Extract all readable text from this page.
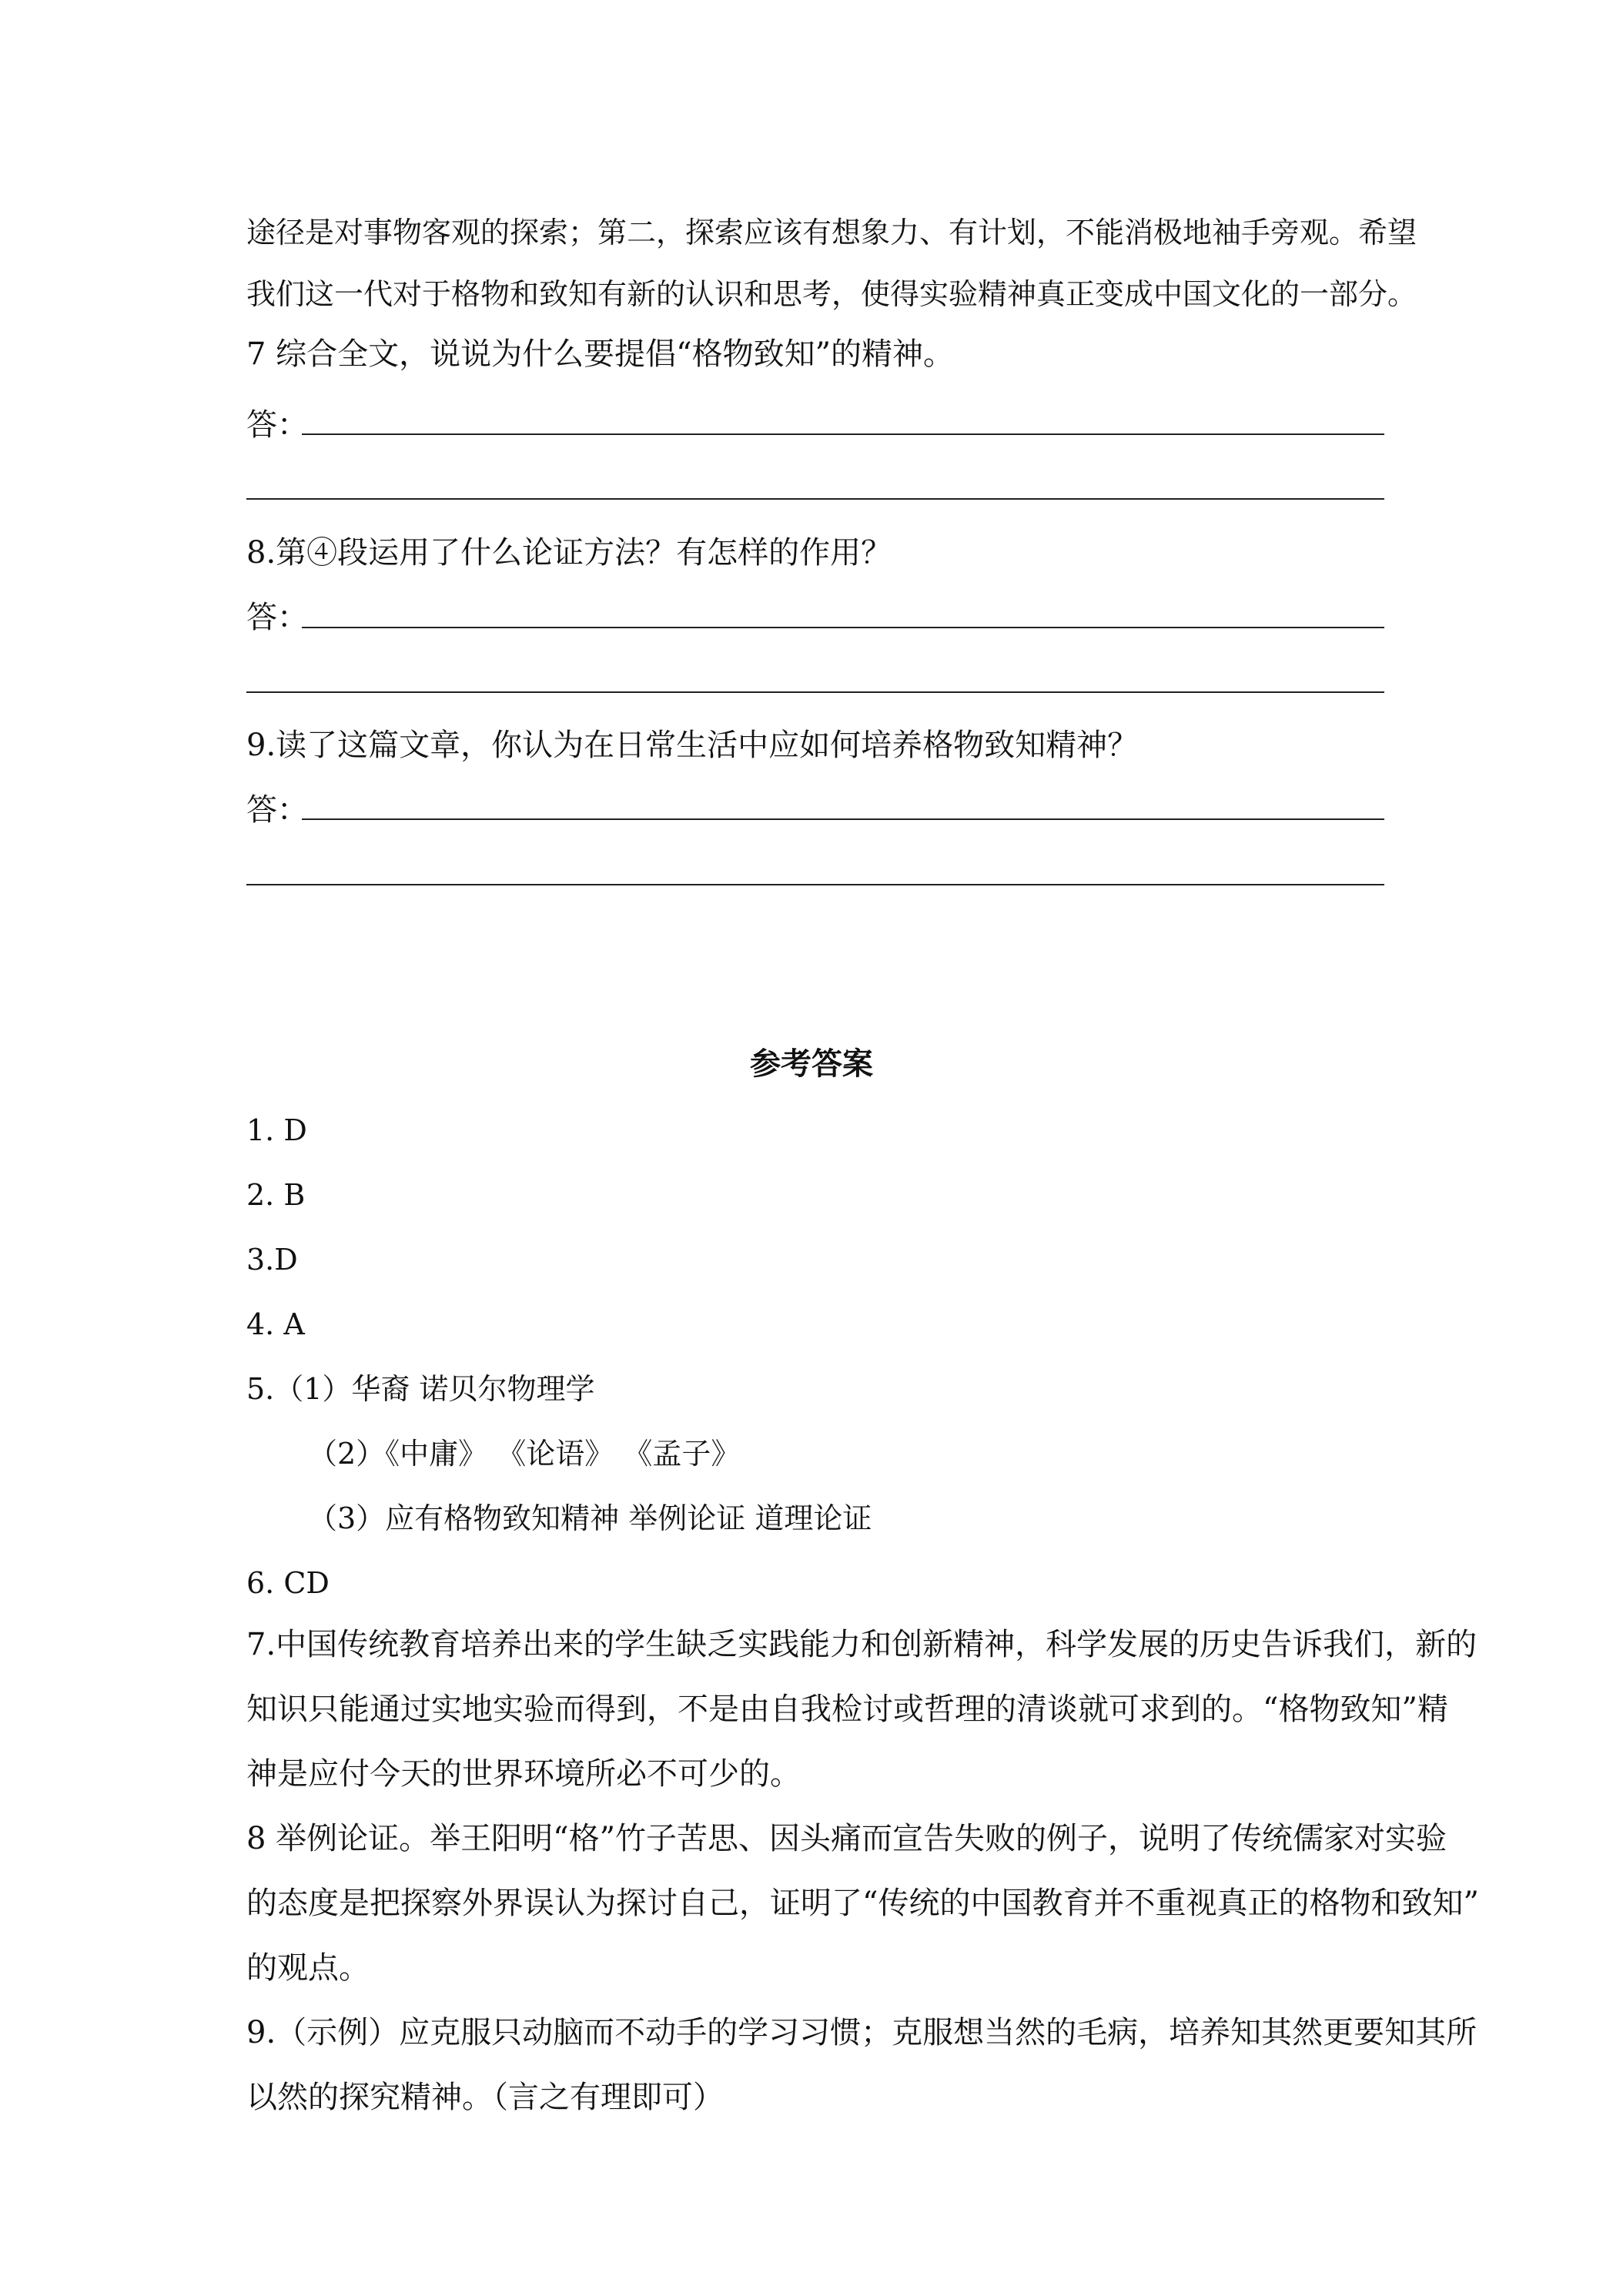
途径是对事物客观的探索；第二，探索应该有想象力、有计划，不能消极地袖手旁观。希望
我们这一代对于格物和致知有新的认识和思考，使得实验精神真正变成中国文化的一部分。
7 综合全文，说说为什么要提倡“格物致知”的精神。
答：
8.第④段运用了什么论证方法？有怎样的作用？
答：
9.读了这篇文章，你认为在日常生活中应如何培养格物致知精神？
答：
参考答案
1. D
2. B
3.D
4. A
5.（1）华裔 诺贝尔物理学
（2）《中庸》 《论语》 《孟子》
（3）应有格物致知精神 举例论证 道理论证
6. CD
7.中国传统教育培养出来的学生缺乏实践能力和创新精神，科学发展的历史告诉我们，新的
知识只能通过实地实验而得到，不是由自我检讨或哲理的清谈就可求到的。“格物致知”精
神是应付今天的世界环境所必不可少的。
8 举例论证。举王阳明“格”竹子苦思、因头痛而宣告失败的例子，说明了传统儒家对实验
的态度是把探察外界误认为探讨自己，证明了“传统的中国教育并不重视真正的格物和致知”
的观点。
9.（示例）应克服只动脑而不动手的学习习惯；克服想当然的毛病，培养知其然更要知其所
以然的探究精神。（言之有理即可）
